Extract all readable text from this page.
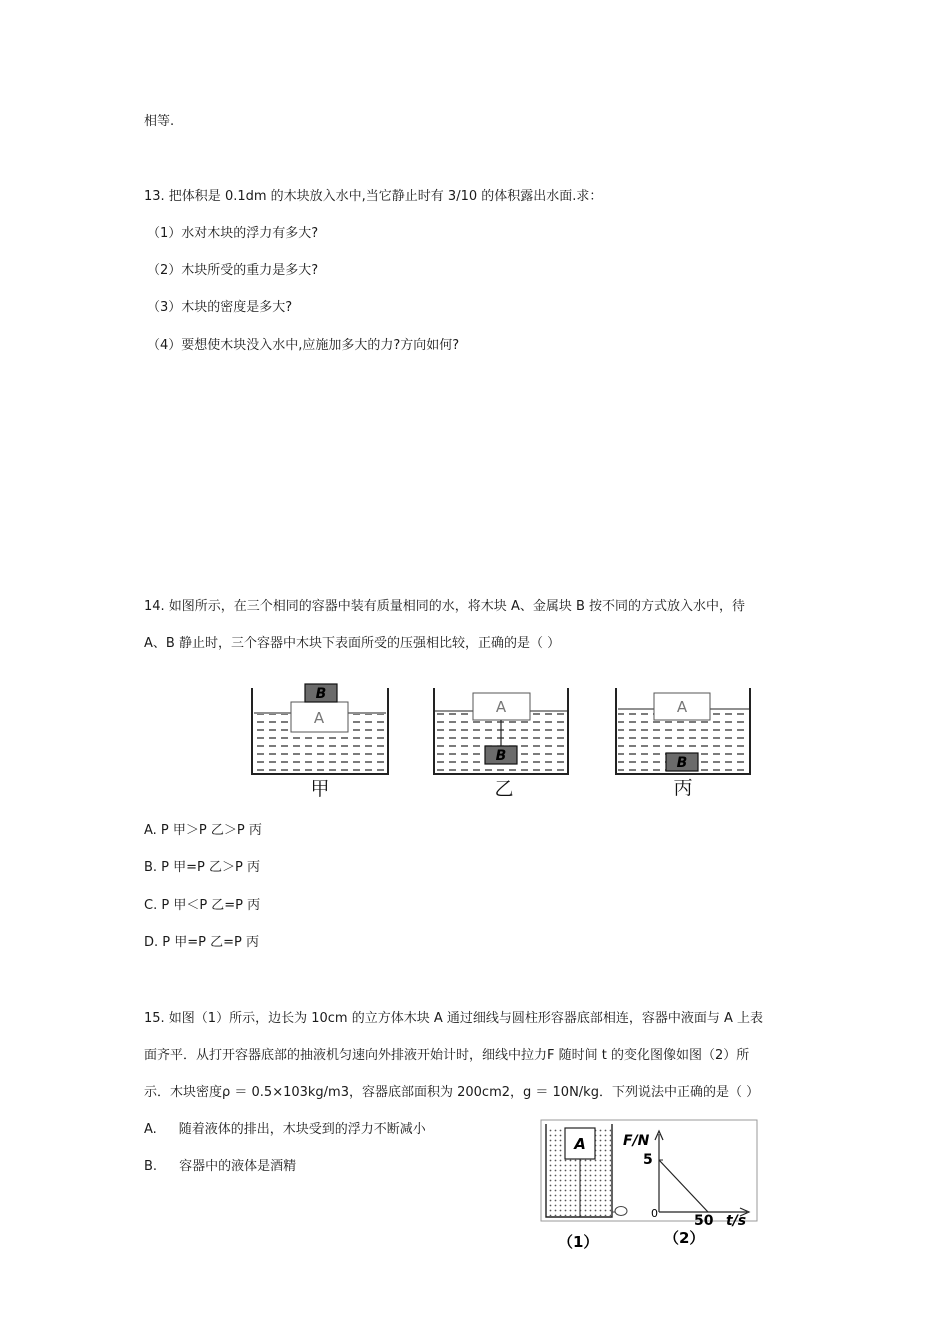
相等.
13. 把体积是 0.1dm 的木块放入水中,当它静止时有 3/10 的体积露出水面.求：
（1）水对木块的浮力有多大?
（2）木块所受的重力是多大?
（3）木块的密度是多大?
（4）要想使木块没入水中,应施加多大的力?方向如何?
14. 如图所示，在三个相同的容器中装有质量相同的水，将木块 A、金属块 B 按不同的方式放入水中，待
A、B 静止时，三个容器中木块下表面所受的压强相比较，正确的是（ ）
A
B
甲
A
B
乙
A
B
丙
A. P 甲＞P 乙＞P 丙
B. P 甲=P 乙＞P 丙
C. P 甲＜P 乙=P 丙
D. P 甲=P 乙=P 丙
15. 如图（1）所示，边长为 10cm 的立方体木块 A 通过细线与圆柱形容器底部相连，容器中液面与 A 上表
面齐平．从打开容器底部的抽液机匀速向外排液开始计时，细线中拉力F 随时间 t 的变化图像如图（2）所
示．木块密度ρ ＝ 0.5×103kg/m3，容器底部面积为 200cm2，g ＝ 10N/kg．下列说法中正确的是（ ）
A. 随着液体的排出，木块受到的浮力不断减小
B. 容器中的液体是酒精
A	F/N
5
0	50 t/s
（1）	（2）
